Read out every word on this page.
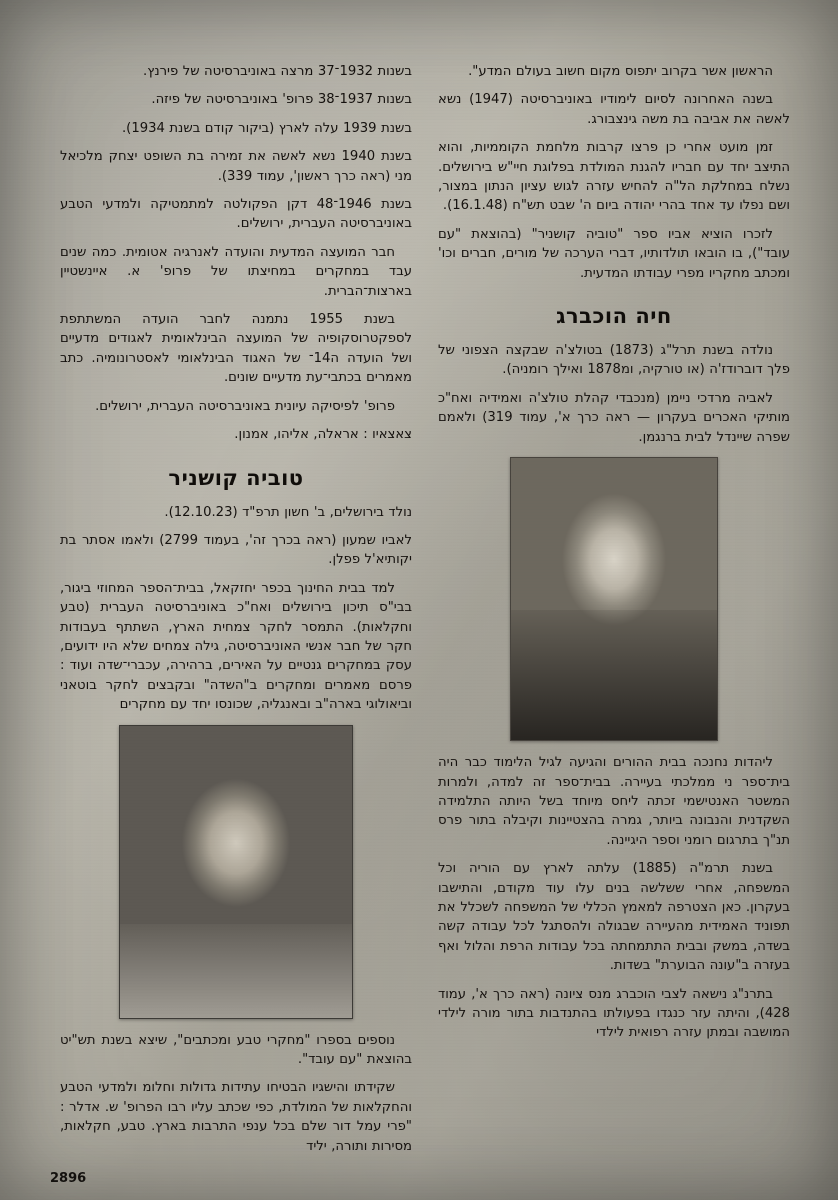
הראשון אשר בקרוב יתפוס מקום חשוב בעולם המדע".

בשנה האחרונה לסיום לימודיו באוניברסיטה (1947) נשא לאשה את אביבה בת משה גינצבורג.

זמן מועט אחרי כן פרצו קרבות מלחמת הקוממיות, והוא התיצב יחד עם חבריו להגנת המולדת בפלוגת חיי"ש בירושלים. נשלח במחלקת הל"ה להחיש עזרה לגוש עציון הנתון במצור, ושם נפלו עד אחד בהרי יהודה ביום ה' שבט תש"ח (16.1.48).

לזכרו הוציא אביו ספר "טוביה קושניר" (בהוצאת "עם עובד"), בו הובאו תולדותיו, דברי הערכה של מורים, חברים וכו' ומכתב מחקריו מפרי עבודתו המדעית.

חיה הוכברג

נולדה בשנת תרל"ג (1873) בטולצ'ה שבקצה הצפוני של פלך דוברודז'ה (או טורקיה, ומ1878 ואילך רומניה).

לאביה מרדכי ניימן (מנכבדי קהלת טולצ'ה ואמידיה ואח"כ מותיקי האכרים בעקרון — ראה כרך א', עמוד 319) ולאמם שפרה שיינדל לבית ברנגמן.

ליהדות נחנכה בבית ההורים והגיעה לגיל הלימוד כבר היה בית־ספר ני ממלכתי בעיירה. בבית־ספר זה למדה, ולמרות המשטר האנטישמי זכתה ליחס מיוחד בשל היותה התלמידה השקדנית והנבונה ביותר, גמרה בהצטיינות וקיבלה בתור פרס תנ"ך בתרגום רומני וספר היגיינה.

בשנת תרמ"ה (1885) עלתה לארץ עם הוריה וכל המשפחה, אחרי ששלשה בנים עלו עוד מקודם, והתישבו בעקרון. כאן הצטרפה למאמץ הכללי של המשפחה לשכלל את תפוניד האמידית מהעיירה שבגולה ולהסתגל לכל עבודה קשה בשדה, במשק ובבית התתמחתה בכל עבודות הרפת והלול ואף בעזרה ב"עונה הבוערת" בשדות.

בתרנ"ג נישאה לצבי הוכברג מנס ציונה (ראה כרך א', עמוד 428), והיתה עזר כנגדו בפעולתו בהתנדבות בתור מורה לילדי המושבה ובמתן עזרה רפואית לילדי

בשנות 1932־37 מרצה באוניברסיטה של פירנץ.

בשנות 1937־38 פרופ' באוניברסיטה של פיזה.

בשנת 1939 עלה לארץ (ביקור קודם בשנת 1934).

בשנת 1940 נשא לאשה את זמירה בת השופט יצחק מלכיאל מני (ראה כרך ראשון', עמוד 339).

בשנת 1946־48 דקן הפקולטה למתמטיקה ולמדעי הטבע באוניברסיטה העברית, ירושלים.

חבר המועצה המדעית והועדה לאנרגיה אטומית. כמה שנים עבד במחקרים במחיצתו של פרופ' א. איינשטיין בארצות־הברית.

בשנת 1955 נתמנה לחבר הועדה המשתתפת לספקטרוסקופיה של המועצה הבינלאומית לאגודים מדעיים ושל הועדה ה14־ של האגוד הבינלאומי לאסטרונומיה. כתב מאמרים בכתבי־עת מדעיים שונים.

פרופ' לפיסיקה עיונית באוניברסיטה העברית, ירושלים.

צאצאיו : אראלה, אליהו, אמנון.

טוביה קושניר

נולד בירושלים, ב' חשון תרפ"ד (12.10.23).

לאביו שמעון (ראה בכרך זה', בעמוד 2799) ולאמו אסתר בת יקותיא'ל פפלן.

למד בבית החינוך בכפר יחזקאל, בבית־הספר המחוזי ביגור, בבי"ס תיכון בירושלים ואח"כ באוניברסיטה העברית (טבע וחקלאות). התמסר לחקר צמחית הארץ, השתתף בעבודות חקר של חבר אנשי האוניברסיטה, גילה צמחים שלא היו ידועים, עסק במחקרים גנטיים על האירים, ברהירה, עכברי־שדה ועוד : פרסם מאמרים ומחקרים ב"השדה" ובקבצים לחקר בוטאני וביאולוגי בארה"ב ובאנגליה, שכונסו יחד עם מחקרים

נוספים בספרו "מחקרי טבע ומכתבים", שיצא בשנת תש"יט בהוצאת "עם עובד".

שקידתו והישגיו הבטיחו עתידות גדולות וחלומ ולמדעי הטבע והחקלאות של המולדת, כפי שכתב עליו רבו הפרופ' ש. אדלר : "פרי עמל דור שלם בכל ענפי התרבות בארץ. טבע, חקלאות, מסירות ותורה, יליד

2896
